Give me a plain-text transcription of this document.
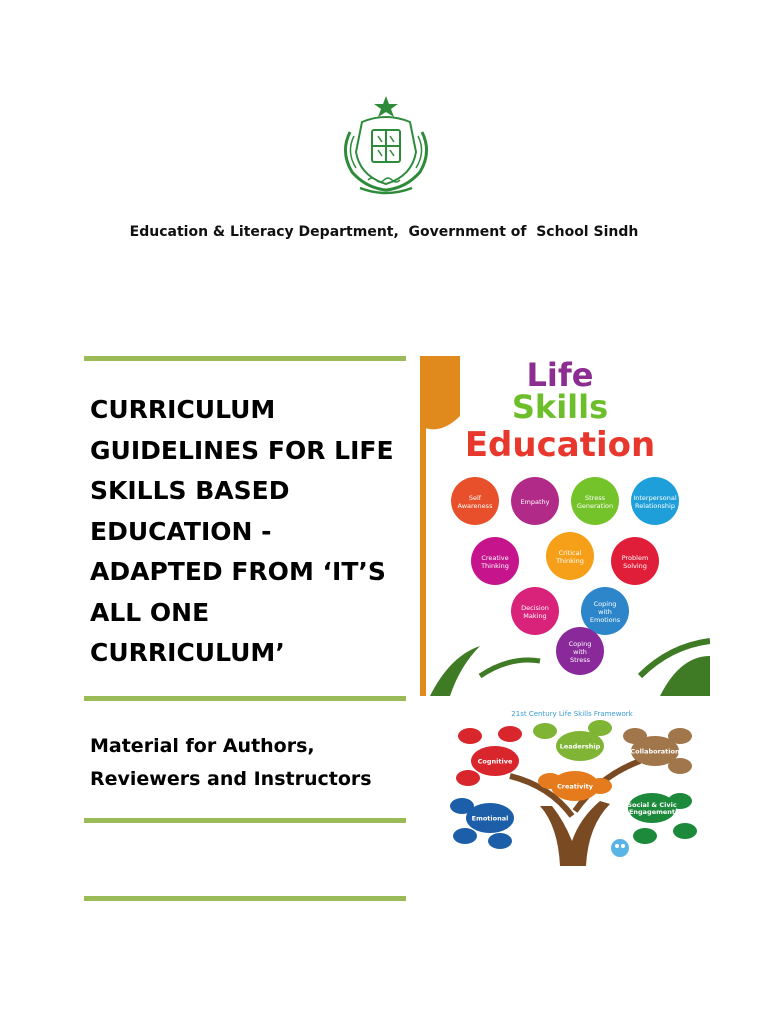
Education & Literacy Department,  Government of  School Sindh
CURRICULUM
GUIDELINES FOR LIFE
SKILLS BASED
EDUCATION -
ADAPTED FROM ‘IT’S
ALL ONE
CURRICULUM’
Material for Authors,
Reviewers and Instructors
Life
Skills
Education
Self
Awareness	Empathy	Stress
Generation
Interpersonal
Relationship
Creative
Thinking
Critical
Thinking	Problem
Solving
Decision
Making
Coping
with
Emotions
Coping
with
Stress
21st Century Life Skills Framework
Cognitive
Leadership
Collaboration
Emotional
Creativity
Social & Civic
Engagement
